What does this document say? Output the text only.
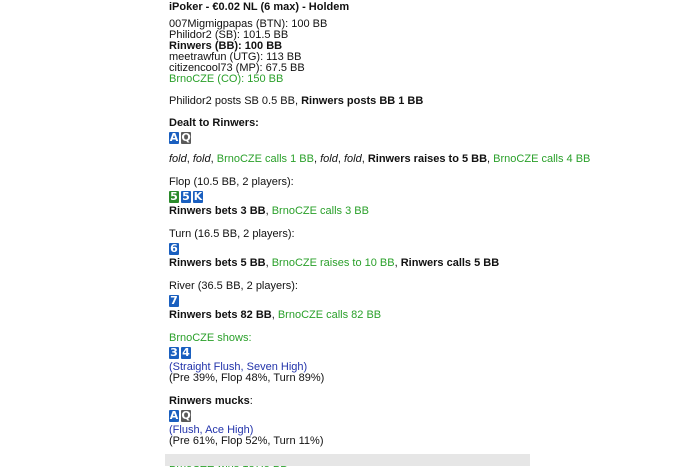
iPoker - €0.02 NL (6 max) - Holdem
007Migmigpapas (BTN): 100 BB
Philidor2 (SB): 101.5 BB
Rinwers (BB): 100 BB
meetrawfun (UTG): 113 BB
citizencool73 (MP): 67.5 BB
BrnoCZE (CO): 150 BB
Philidor2 posts SB 0.5 BB, Rinwers posts BB 1 BB
Dealt to Rinwers:
A Q
fold, fold, BrnoCZE calls 1 BB, fold, fold, Rinwers raises to 5 BB, BrnoCZE calls 4 BB
Flop (10.5 BB, 2 players):
5 5 K
Rinwers bets 3 BB, BrnoCZE calls 3 BB
Turn (16.5 BB, 2 players):
6
Rinwers bets 5 BB, BrnoCZE raises to 10 BB, Rinwers calls 5 BB
River (36.5 BB, 2 players):
7
Rinwers bets 82 BB, BrnoCZE calls 82 BB
BrnoCZE shows:
3 4
(Straight Flush, Seven High)
(Pre 39%, Flop 48%, Turn 89%)
Rinwers mucks:
A Q
(Flush, Ace High)
(Pre 61%, Flop 52%, Turn 11%)
